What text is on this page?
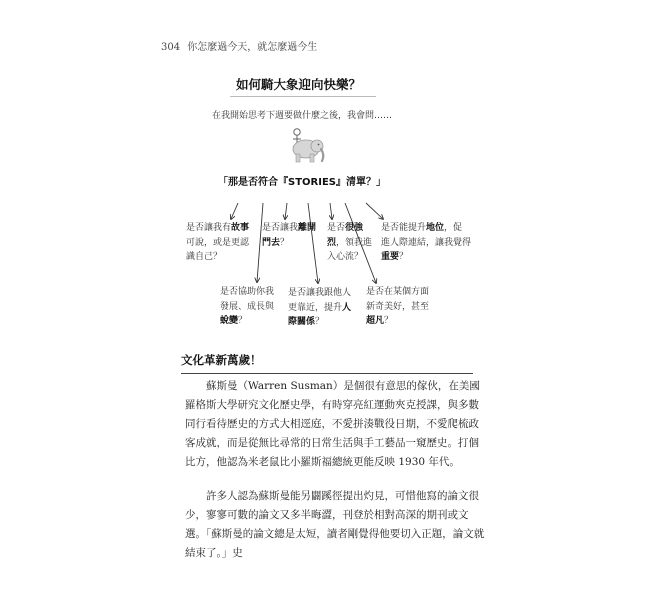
304 你怎麼過今天，就怎麼過今生
如何騎大象迎向快樂？
在我開始思考下週要做什麼之後，我會問……
「那是否符合『STORIES』清單？」
是否讓我有故事可說，或是更認識自己？
是否讓我離開門去？
是否很強烈，領我進入心流？
是否能提升地位，促進人際連結，讓我覺得重要？
是否協助你我發展、成長與蛻變？
是否讓我跟他人更靠近，提升人際關係？
是否在某個方面新奇美好，甚至超凡？
文化革新萬歲！
蘇斯曼（Warren Susman）是個很有意思的傢伙，在美國羅格斯大學研究文化歷史學，有時穿亮紅運動夾克授課，與多數同行看待歷史的方式大相逕庭，不愛拼湊戰役日期，不愛爬梳政客成就，而是從無比尋常的日常生活與手工藝品一窺歷史。打個比方，他認為米老鼠比小羅斯福總統更能反映 1930 年代。
許多人認為蘇斯曼能另闢蹊徑提出灼見，可惜他寫的論文很少，寥寥可數的論文又多半晦澀，刊登於相對高深的期刊或文選。「蘇斯曼的論文總是太短，讀者剛覺得他要切入正題，論文就結束了。」史
